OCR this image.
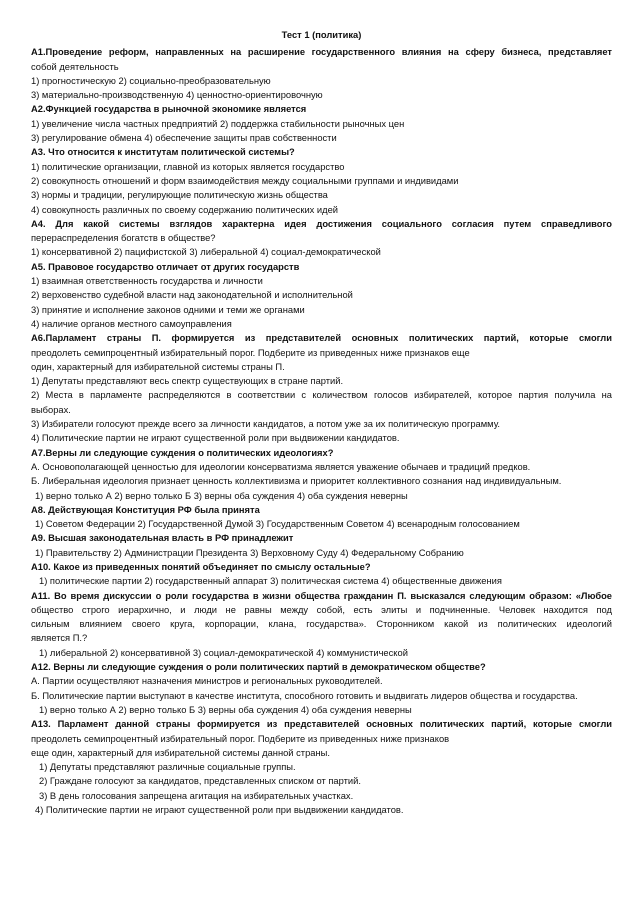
Тест 1 (политика)
А1.Проведение реформ, направленных на расширение государственного влияния на сферу бизнеса, представляет
собой деятельность
1) прогностическую 2) социально-преобразовательную
3) материально-производственную 4) ценностно-ориентировочную
А2.Функцией государства в рыночной экономике является
1) увеличение числа частных предприятий 2) поддержка стабильности рыночных цен
3) регулирование обмена 4) обеспечение защиты прав собственности
А3. Что относится к институтам политической системы?
1) политические организации, главной из которых является государство
2) совокупность отношений и форм взаимодействия между социальными группами и индивидами
3) нормы и традиции, регулирующие политическую жизнь общества
4) совокупность различных по своему содержанию политических идей
А4. Для какой системы взглядов характерна идея достижения социального согласия путем справедливого
перераспределения богатств в обществе?
1) консервативной 2) пацифистской 3) либеральной 4) социал-демократической
А5. Правовое государство отличает от других государств
1) взаимная ответственность государства и личности
2) верховенство судебной власти над законодательной и исполнительной
3) принятие и исполнение законов одними и теми же органами
4) наличие органов местного самоуправления
А6.Парламент страны П. формируется из представителей основных политических партий, которые смогли
преодолеть семипроцентный избирательный порог. Подберите из приведенных ниже признаков еще
один, характерный для избирательной системы страны П.
1) Депутаты представляют весь спектр существующих в стране партий.
2) Места в парламенте распределяются в соответствии с количеством голосов избирателей, которое партия получила на
выборах.
3) Избиратели голосуют прежде всего за личности кандидатов, а потом уже за их политическую программу.
4) Политические партии не играют существенной роли при выдвижении кандидатов.
А7.Верны ли следующие суждения о политических идеологиях?
А. Основополагающей ценностью для идеологии консерватизма является уважение обычаев и традиций предков.
Б. Либеральная идеология признает ценность коллективизма и приоритет коллективного сознания над индивидуальным.
1) верно только А 2) верно только Б 3) верны оба суждения 4) оба суждения неверны
А8. Действующая Конституция РФ была принята
1) Советом Федерации 2) Государственной Думой 3) Государственным Советом 4) всенародным голосованием
А9. Высшая законодательная власть в РФ принадлежит
1) Правительству 2) Администрации Президента 3) Верховному Суду 4) Федеральному Собранию
А10. Какое из приведенных понятий объединяет по смыслу остальные?
1) политические партии 2) государственный аппарат 3) политическая система 4) общественные движения
А11. Во время дискуссии о роли государства в жизни общества гражданин П. высказался следующим образом: «Любое
общество строго иерархично, и люди не равны между собой, есть элиты и подчиненные. Человек находится под
сильным влиянием своего круга, корпорации, клана, государства». Сторонником какой из политических идеологий
является П.?
1) либеральной 2) консервативной 3) социал-демократической 4) коммунистической
А12. Верны ли следующие суждения о роли политических партий в демократическом обществе?
А. Партии осуществляют назначения министров и региональных руководителей.
Б. Политические партии выступают в качестве института, способного готовить и выдвигать лидеров общества и государства.
1) верно только А 2) верно только Б 3) верны оба суждения 4) оба суждения неверны
А13. Парламент данной страны формируется из представителей основных политических партий, которые смогли
преодолеть семипроцентный избирательный порог. Подберите из приведенных ниже признаков
еще один, характерный для избирательной системы данной страны.
1) Депутаты представляют различные социальные группы.
2) Граждане голосуют за кандидатов, представленных списком от партий.
3) В день голосования запрещена агитация на избирательных участках.
4) Политические партии не играют существенной роли при выдвижении кандидатов.
